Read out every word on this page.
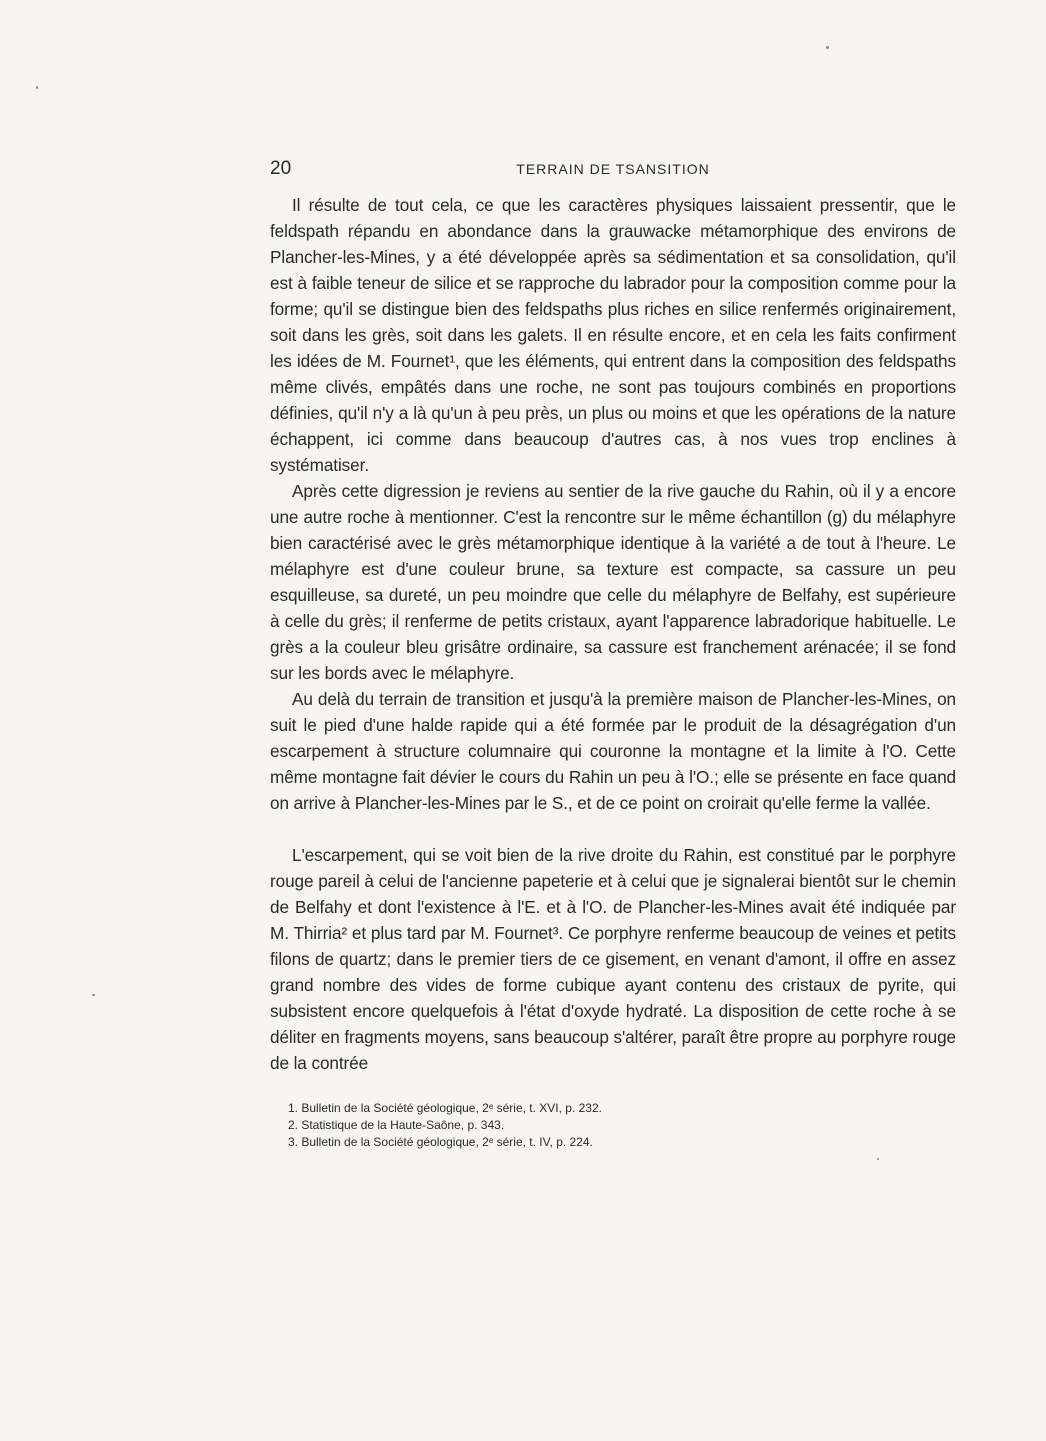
20	TERRAIN DE TSANSITION

Il résulte de tout cela, ce que les caractères physiques laissaient pressentir, que le feldspath répandu en abondance dans la grauwacke métamorphique des environs de Plancher-les-Mines, y a été développée après sa sédimentation et sa consolidation, qu'il est à faible teneur de silice et se rapproche du labrador pour la composition comme pour la forme; qu'il se distingue bien des feldspaths plus riches en silice renfermés originairement, soit dans les grès, soit dans les galets. Il en résulte encore, et en cela les faits confirment les idées de M. Fournet¹, que les éléments, qui entrent dans la composition des feldspaths même clivés, empâtés dans une roche, ne sont pas toujours combinés en proportions définies, qu'il n'y a là qu'un à peu près, un plus ou moins et que les opérations de la nature échappent, ici comme dans beaucoup d'autres cas, à nos vues trop enclines à systématiser.

Après cette digression je reviens au sentier de la rive gauche du Rahin, où il y a encore une autre roche à mentionner. C'est la rencontre sur le même échantillon (g) du mélaphyre bien caractérisé avec le grès métamorphique identique à la variété a de tout à l'heure. Le mélaphyre est d'une couleur brune, sa texture est compacte, sa cassure un peu esquilleuse, sa dureté, un peu moindre que celle du mélaphyre de Belfahy, est supérieure à celle du grès; il renferme de petits cristaux, ayant l'apparence labradorique habituelle. Le grès a la couleur bleu grisâtre ordinaire, sa cassure est franchement arénacée; il se fond sur les bords avec le mélaphyre.

Au delà du terrain de transition et jusqu'à la première maison de Plancher-les-Mines, on suit le pied d'une halde rapide qui a été formée par le produit de la désagrégation d'un escarpement à structure columnaire qui couronne la montagne et la limite à l'O. Cette même montagne fait dévier le cours du Rahin un peu à l'O.; elle se présente en face quand on arrive à Plancher-les-Mines par le S., et de ce point on croirait qu'elle ferme la vallée.

L'escarpement, qui se voit bien de la rive droite du Rahin, est constitué par le porphyre rouge pareil à celui de l'ancienne papeterie et à celui que je signalerai bientôt sur le chemin de Belfahy et dont l'existence à l'E. et à l'O. de Plancher-les-Mines avait été indiquée par M. Thirria² et plus tard par M. Fournet³. Ce porphyre renferme beaucoup de veines et petits filons de quartz; dans le premier tiers de ce gisement, en venant d'amont, il offre en assez grand nombre des vides de forme cubique ayant contenu des cristaux de pyrite, qui subsistent encore quelquefois à l'état d'oxyde hydraté. La disposition de cette roche à se déliter en fragments moyens, sans beaucoup s'altérer, paraît être propre au porphyre rouge de la contrée

1. Bulletin de la Société géologique, 2ᵉ série, t. XVI, p. 232.
2. Statistique de la Haute-Saône, p. 343.
3. Bulletin de la Société géologique, 2ᵉ série, t. IV, p. 224.
